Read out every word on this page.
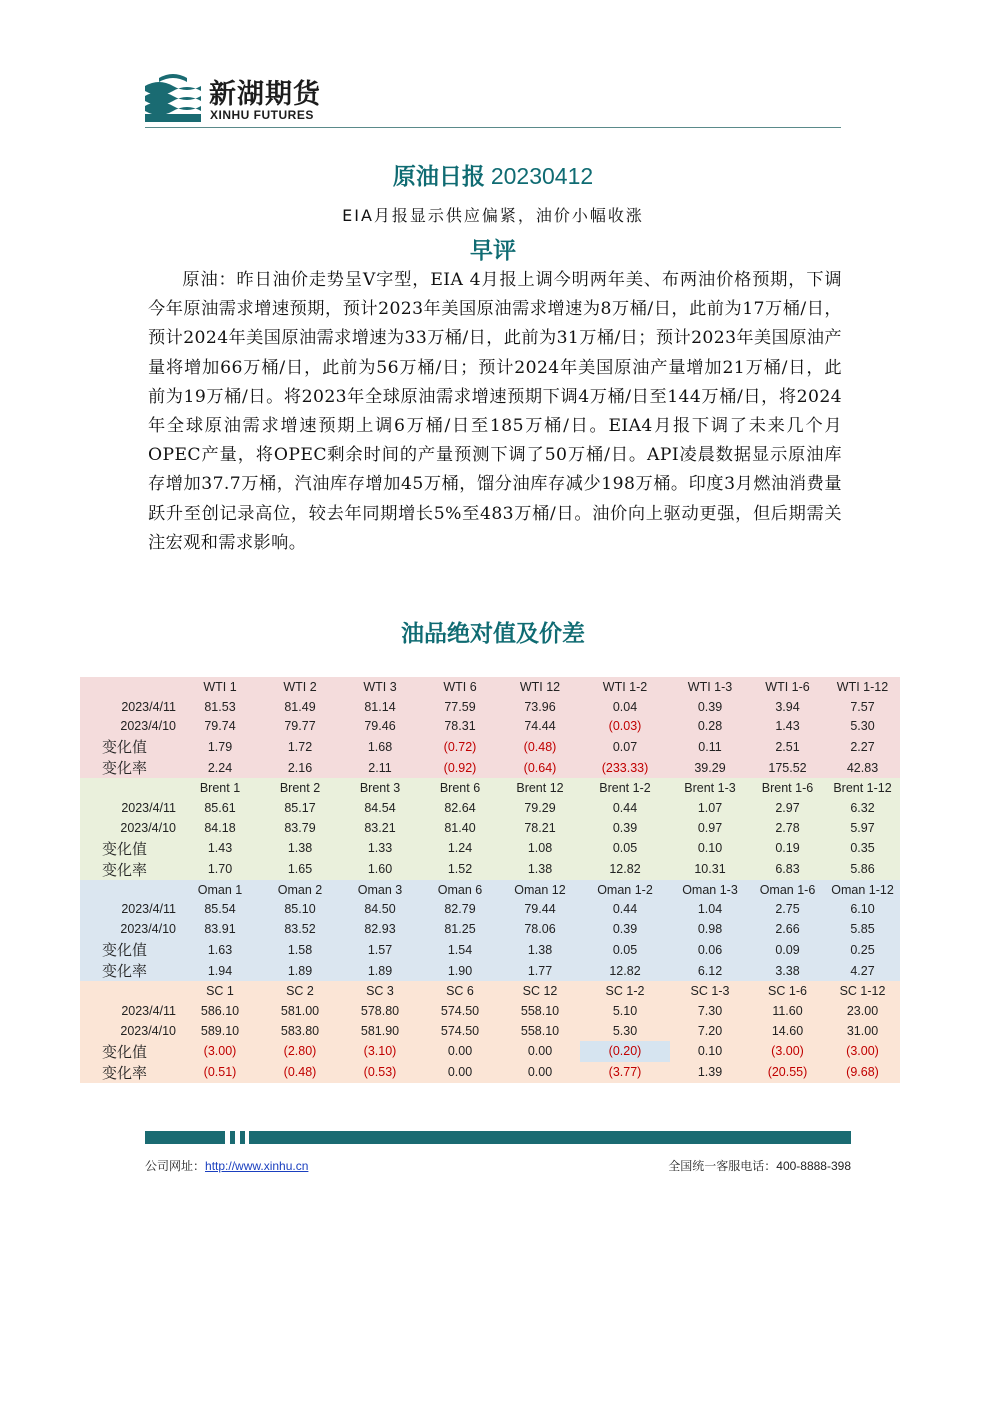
新湖期货
XINHU FUTURES
原油日报 20230412
EIA月报显示供应偏紧，油价小幅收涨
早评
原油：昨日油价走势呈V字型，EIA 4月报上调今明两年美、布两油价格预期，下调今年原油需求增速预期，预计2023年美国原油需求增速为8万桶/日，此前为17万桶/日，预计2024年美国原油需求增速为33万桶/日，此前为31万桶/日；预计2023年美国原油产量将增加66万桶/日，此前为56万桶/日；预计2024年美国原油产量增加21万桶/日，此前为19万桶/日。将2023年全球原油需求增速预期下调4万桶/日至144万桶/日，将2024年全球原油需求增速预期上调6万桶/日至185万桶/日。EIA4月报下调了未来几个月OPEC产量，将OPEC剩余时间的产量预测下调了50万桶/日。API凌晨数据显示原油库存增加37.7万桶，汽油库存增加45万桶，馏分油库存减少198万桶。印度3月燃油消费量跃升至创记录高位，较去年同期增长5%至483万桶/日。油价向上驱动更强，但后期需关注宏观和需求影响。
油品绝对值及价差
	WTI 1	WTI 2	WTI 3	WTI 6	WTI 12	WTI 1-2	WTI 1-3	WTI 1-6	WTI 1-12
2023/4/11	81.53	81.49	81.14	77.59	73.96	0.04	0.39	3.94	7.57
2023/4/10	79.74	79.77	79.46	78.31	74.44	(0.03)	0.28	1.43	5.30
变化值	1.79	1.72	1.68	(0.72)	(0.48)	0.07	0.11	2.51	2.27
变化率	2.24	2.16	2.11	(0.92)	(0.64)	(233.33)	39.29	175.52	42.83
	Brent 1	Brent 2	Brent 3	Brent 6	Brent 12	Brent 1-2	Brent 1-3	Brent 1-6	Brent 1-12
2023/4/11	85.61	85.17	84.54	82.64	79.29	0.44	1.07	2.97	6.32
2023/4/10	84.18	83.79	83.21	81.40	78.21	0.39	0.97	2.78	5.97
变化值	1.43	1.38	1.33	1.24	1.08	0.05	0.10	0.19	0.35
变化率	1.70	1.65	1.60	1.52	1.38	12.82	10.31	6.83	5.86
	Oman 1	Oman 2	Oman 3	Oman 6	Oman 12	Oman 1-2	Oman 1-3	Oman 1-6	Oman 1-12
2023/4/11	85.54	85.10	84.50	82.79	79.44	0.44	1.04	2.75	6.10
2023/4/10	83.91	83.52	82.93	81.25	78.06	0.39	0.98	2.66	5.85
变化值	1.63	1.58	1.57	1.54	1.38	0.05	0.06	0.09	0.25
变化率	1.94	1.89	1.89	1.90	1.77	12.82	6.12	3.38	4.27
	SC 1	SC 2	SC 3	SC 6	SC 12	SC 1-2	SC 1-3	SC 1-6	SC 1-12
2023/4/11	586.10	581.00	578.80	574.50	558.10	5.10	7.30	11.60	23.00
2023/4/10	589.10	583.80	581.90	574.50	558.10	5.30	7.20	14.60	31.00
变化值	(3.00)	(2.80)	(3.10)	0.00	0.00	(0.20)	0.10	(3.00)	(3.00)
变化率	(0.51)	(0.48)	(0.53)	0.00	0.00	(3.77)	1.39	(20.55)	(9.68)
公司网址：http://www.xinhu.cn	全国统一客服电话：400-8888-398
